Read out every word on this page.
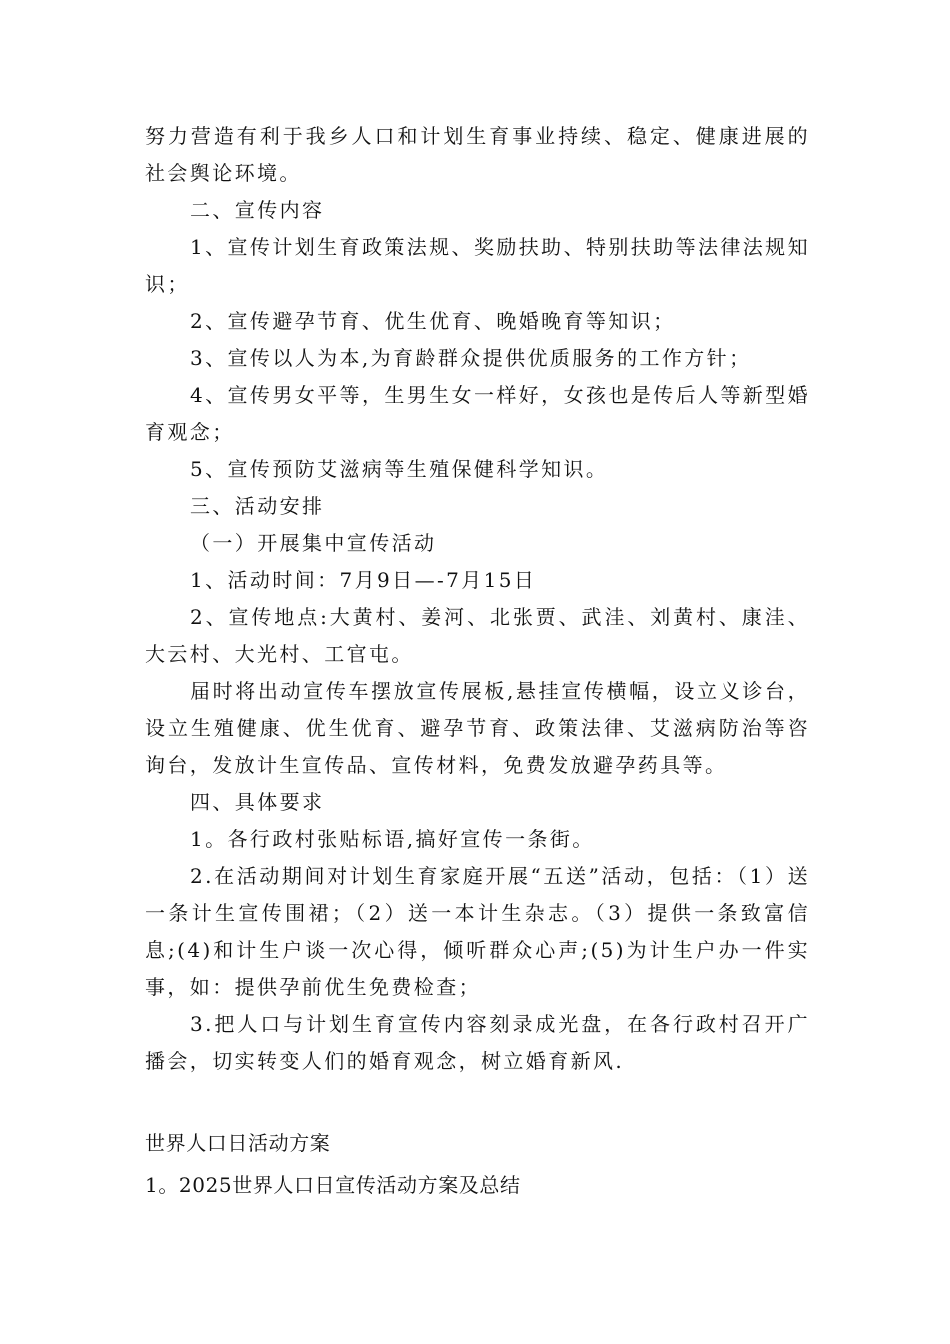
努力营造有利于我乡人口和计划生育事业持续、稳定、健康进展的社会舆论环境。

二、宣传内容

1、宣传计划生育政策法规、奖励扶助、特别扶助等法律法规知识；

2、宣传避孕节育、优生优育、晚婚晚育等知识；

3、宣传以人为本,为育龄群众提供优质服务的工作方针；

4、宣传男女平等，生男生女一样好，女孩也是传后人等新型婚育观念；

5、宣传预防艾滋病等生殖保健科学知识。

三、活动安排

（一）开展集中宣传活动

1、活动时间：7月9日—-7月15日

2、宣传地点:大黄村、姜河、北张贾、武洼、刘黄村、康洼、大云村、大光村、工官屯。

届时将出动宣传车摆放宣传展板,悬挂宣传横幅，设立义诊台，设立生殖健康、优生优育、避孕节育、政策法律、艾滋病防治等咨询台，发放计生宣传品、宣传材料，免费发放避孕药具等。

四、具体要求

1。各行政村张贴标语,搞好宣传一条街。

2.在活动期间对计划生育家庭开展“五送”活动，包括：（1）送一条计生宣传围裙；（2）送一本计生杂志。（3）提供一条致富信息;(4)和计生户谈一次心得，倾听群众心声;(5)为计生户办一件实事，如：提供孕前优生免费检查；

3.把人口与计划生育宣传内容刻录成光盘，在各行政村召开广播会，切实转变人们的婚育观念，树立婚育新风.

世界人口日活动方案

1。2025世界人口日宣传活动方案及总结
